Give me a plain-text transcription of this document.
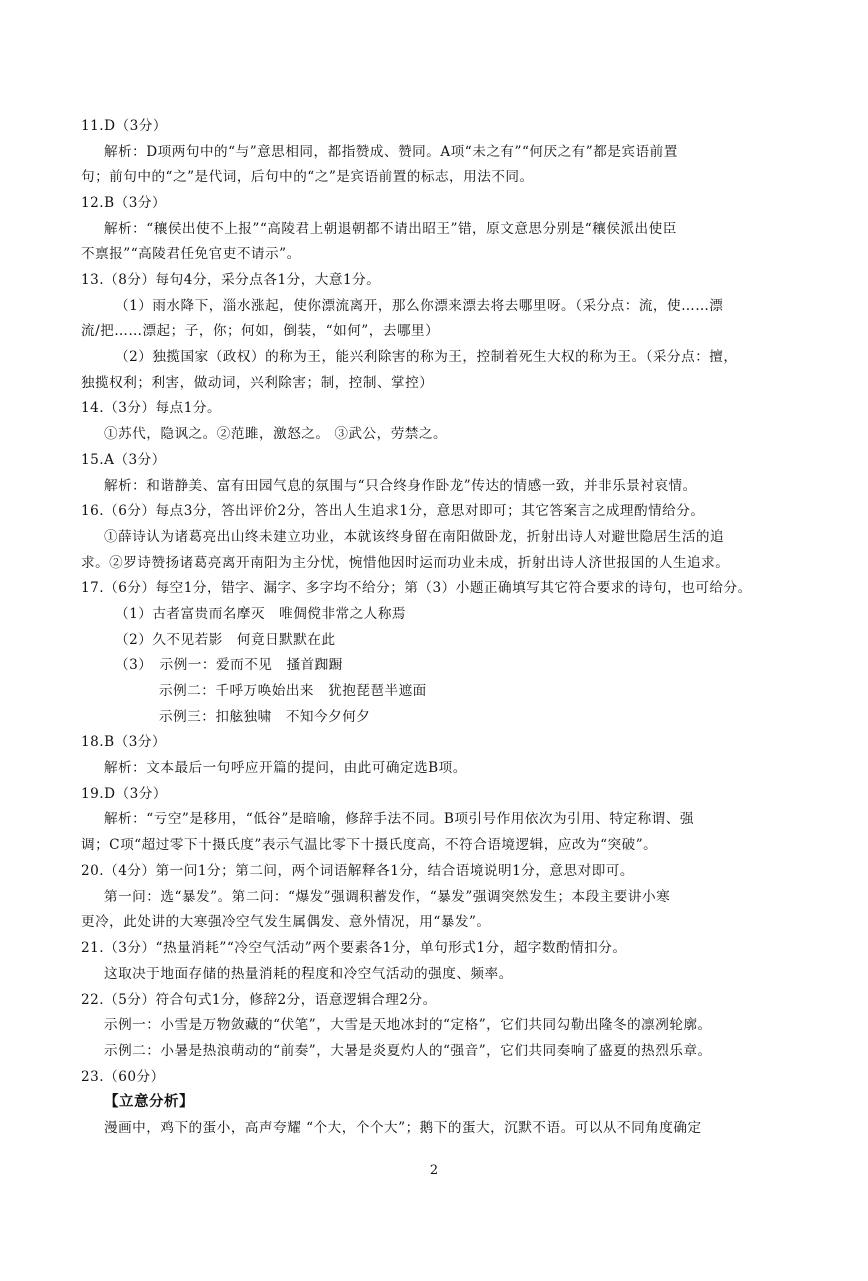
11.D（3分）
解析：D项两句中的“与”意思相同，都指赞成、赞同。A项“未之有”“何厌之有”都是宾语前置
句；前句中的“之”是代词，后句中的“之”是宾语前置的标志，用法不同。
12.B（3分）
解析：“穰侯出使不上报”“高陵君上朝退朝都不请出昭王”错，原文意思分别是“穰侯派出使臣
不禀报”“高陵君任免官吏不请示”。
13.（8分）每句4分，采分点各1分，大意1分。
（1）雨水降下，淄水涨起，使你漂流离开，那么你漂来漂去将去哪里呀。（采分点：流，使……漂
流/把……漂起；子，你；何如，倒装，“如何”，去哪里）
（2）独揽国家（政权）的称为王，能兴利除害的称为王，控制着死生大权的称为王。（采分点：擅，
独揽权利；利害，做动词，兴利除害；制，控制、掌控）
14.（3分）每点1分。
①苏代，隐讽之。②范雎，激怒之。 ③武公，劳禁之。
15.A（3分）
解析：和谐静美、富有田园气息的氛围与“只合终身作卧龙”传达的情感一致，并非乐景衬哀情。
16.（6分）每点3分，答出评价2分，答出人生追求1分，意思对即可；其它答案言之成理酌情给分。
①薛诗认为诸葛亮出山终未建立功业，本就该终身留在南阳做卧龙，折射出诗人对避世隐居生活的追
求。②罗诗赞扬诸葛亮离开南阳为主分忧，惋惜他因时运而功业未成，折射出诗人济世报国的人生追求。
17.（6分）每空1分，错字、漏字、多字均不给分；第（3）小题正确填写其它符合要求的诗句，也可给分。
（1）古者富贵而名摩灭　唯倜傥非常之人称焉
（2）久不见若影　何竟日默默在此
（3）　示例一：爱而不见　搔首踟蹰
示例二：千呼万唤始出来　犹抱琵琶半遮面
示例三：扣舷独啸　不知今夕何夕
18.B（3分）
解析：文本最后一句呼应开篇的提问，由此可确定选B项。
19.D（3分）
解析：“亏空”是移用，“低谷”是暗喻，修辞手法不同。B项引号作用依次为引用、特定称谓、强
调；C项“超过零下十摄氏度”表示气温比零下十摄氏度高，不符合语境逻辑，应改为“突破”。
20.（4分）第一问1分；第二问，两个词语解释各1分，结合语境说明1分，意思对即可。
第一问：选“暴发”。第二问：“爆发”强调积蓄发作，“暴发”强调突然发生；本段主要讲小寒
更冷，此处讲的大寒强冷空气发生属偶发、意外情况，用“暴发”。
21.（3分）“热量消耗”“冷空气活动”两个要素各1分，单句形式1分，超字数酌情扣分。
这取决于地面存储的热量消耗的程度和冷空气活动的强度、频率。
22.（5分）符合句式1分，修辞2分，语意逻辑合理2分。
示例一：小雪是万物敛藏的“伏笔”，大雪是天地冰封的“定格”，它们共同勾勒出隆冬的凛冽轮廓。
示例二：小暑是热浪萌动的“前奏”，大暑是炎夏灼人的“强音”，它们共同奏响了盛夏的热烈乐章。
23.（60分）
【立意分析】
漫画中，鸡下的蛋小，高声夸耀 “个大，个个大”；鹅下的蛋大，沉默不语。可以从不同角度确定
2
